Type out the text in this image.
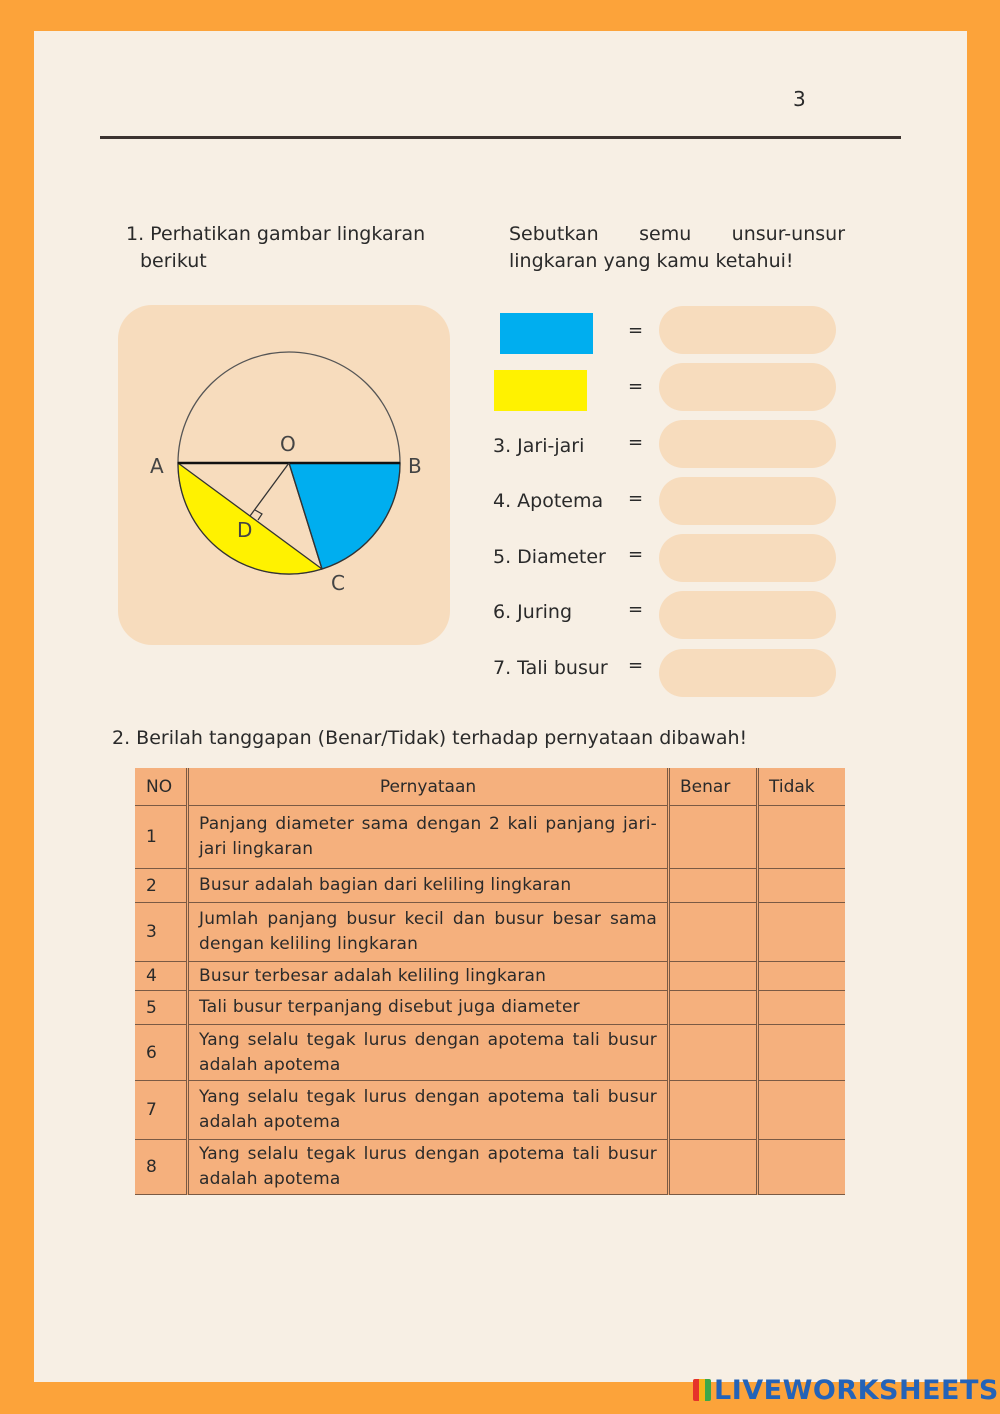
3
1. Perhatikan gambar lingkaran
berikut
Sebutkan semu unsur-unsur
lingkaran yang kamu ketahui!
O
A	B
C
D
=
=
3. Jari-jari =
4. Apotema =
5. Diameter =
6. Juring	=
7. Tali busur =
2. Berilah tanggapan (Benar/Tidak) terhadap pernyataan dibawah!
NO	Pernyataan	Benar	Tidak
1	Panjang diameter sama dengan 2 kali panjang jari-jari lingkaran		
2	Busur adalah bagian dari keliling lingkaran		
3	Jumlah panjang busur kecil dan busur besar sama dengan keliling lingkaran		
4	Busur terbesar adalah keliling lingkaran		
5	Tali busur terpanjang disebut juga diameter		
6	Yang selalu tegak lurus dengan apotema tali busur adalah apotema		
7	Yang selalu tegak lurus dengan apotema tali busur adalah apotema		
8	Yang selalu tegak lurus dengan apotema tali busur adalah apotema		
LIVEWORKSHEETS
